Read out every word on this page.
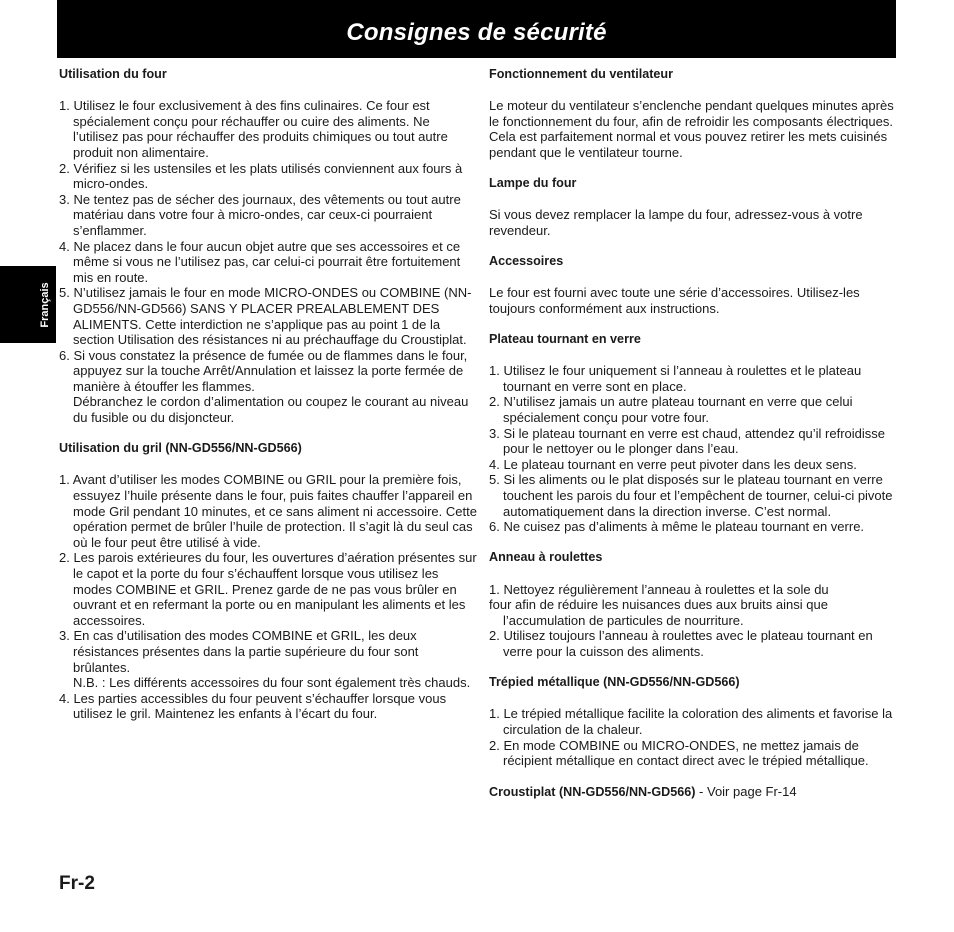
Consignes de sécurité
Français
Utilisation du four
1. Utilisez le four exclusivement à des fins culinaires. Ce four est spécialement conçu pour réchauffer ou cuire des aliments. Ne l’utilisez pas pour réchauffer des produits chimiques ou tout autre produit non alimentaire.
2. Vérifiez si les ustensiles et les plats utilisés conviennent aux fours à micro-ondes.
3. Ne tentez pas de sécher des journaux, des vêtements ou tout autre matériau dans votre four à micro-ondes, car ceux-ci pourraient s’enflammer.
4. Ne placez dans le four aucun objet autre que ses accessoires et ce même si vous ne l’utilisez pas, car celui-ci pourrait être fortuitement mis en route.
5. N’utilisez jamais le four en mode MICRO-ONDES ou COMBINE (NN-GD556/NN-GD566) SANS Y PLACER PREALABLEMENT DES ALIMENTS. Cette interdiction ne s’applique pas au point 1 de la section Utilisation des résistances ni au préchauffage du Croustiplat.
6. Si vous constatez la présence de fumée ou de flammes dans le four, appuyez sur la touche Arrêt/Annulation et laissez la porte fermée de manière à étouffer les flammes.

Débranchez le cordon d’alimentation ou coupez le courant au niveau du fusible ou du disjoncteur.

Utilisation du gril (NN-GD556/NN-GD566)
1. Avant d’utiliser les modes COMBINE ou GRIL pour la première fois, essuyez l’huile présente dans le four, puis faites chauffer l’appareil en mode Gril pendant 10 minutes, et ce sans aliment ni accessoire. Cette opération permet de brûler l’huile de protection. Il s’agit là du seul cas où le four peut être utilisé à vide.
2. Les parois extérieures du four, les ouvertures d’aération présentes sur le capot et la porte du four s’échauffent lorsque vous utilisez les modes COMBINE et GRIL. Prenez garde de ne pas vous brûler en ouvrant et en refermant la porte ou en manipulant les aliments et les accessoires.
3. En cas d’utilisation des modes COMBINE et GRIL, les deux résistances présentes dans la partie supérieure du four sont brûlantes.

N.B. : Les différents accessoires du four sont également très chauds.

4. Les parties accessibles du four peuvent s’échauffer lorsque vous utilisez le gril. Maintenez les enfants à l’écart du four.
Fonctionnement du ventilateur

Le moteur du ventilateur s’enclenche pendant quelques minutes après le fonctionnement du four, afin de refroidir les composants électriques. Cela est parfaitement normal et vous pouvez retirer les mets cuisinés pendant que le ventilateur tourne.

Lampe du four

Si vous devez remplacer la lampe du four, adressez-vous à votre revendeur.

Accessoires

Le four est fourni avec toute une série d’accessoires. Utilisez-les toujours conformément aux instructions.

Plateau tournant en verre
1. Utilisez le four uniquement si l’anneau à roulettes et le plateau tournant en verre sont en place.
2. N’utilisez jamais un autre plateau tournant en verre que celui spécialement conçu pour votre four.
3. Si le plateau tournant en verre est chaud, attendez qu’il refroidisse pour le nettoyer ou le plonger dans l’eau.
4. Le plateau tournant en verre peut pivoter dans les deux sens.
5. Si les aliments ou le plat disposés sur le plateau tournant en verre touchent les parois du four et l’empêchent de tourner, celui-ci pivote automatiquement dans la direction inverse. C’est normal.
6. Ne cuisez pas d’aliments à même le plateau tournant en verre.
Anneau à roulettes

1. Nettoyez régulièrement l’anneau à roulettes et la sole du

four afin de réduire les nuisances dues aux bruits ainsi que

l’accumulation de particules de nourriture.

2. Utilisez toujours l’anneau à roulettes avec le plateau tournant en verre pour la cuisson des aliments.
Trépied métallique (NN-GD556/NN-GD566)
1. Le trépied métallique facilite la coloration des aliments et favorise la circulation de la chaleur.
2. En mode COMBINE ou MICRO-ONDES, ne mettez jamais de récipient métallique en contact direct avec le trépied métallique.

Croustiplat (NN-GD556/NN-GD566) - Voir page Fr-14

Fr-2
